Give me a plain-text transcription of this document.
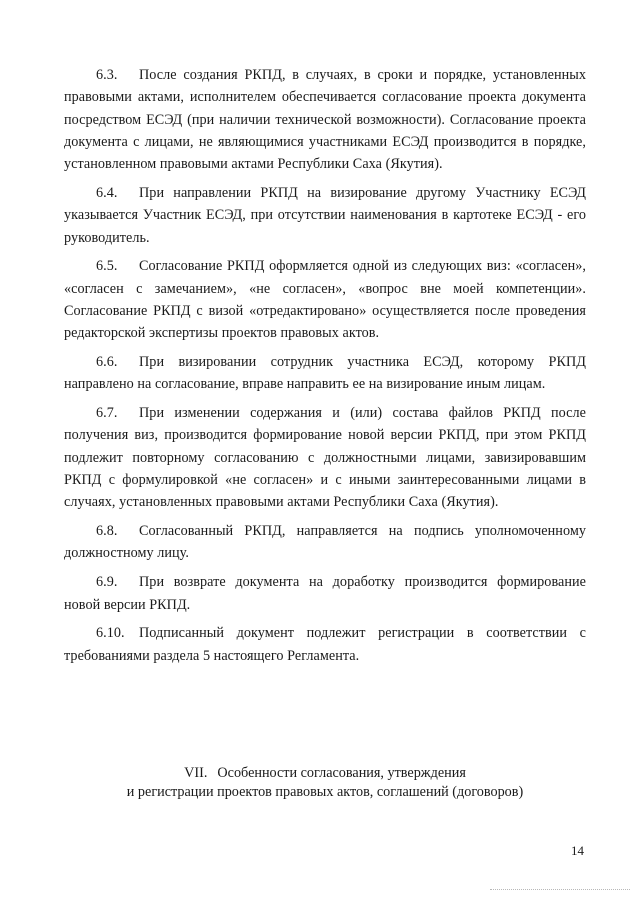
6.3. После создания РКПД, в случаях, в сроки и порядке, установленных правовыми актами, исполнителем обеспечивается согласование проекта документа посредством ЕСЭД (при наличии технической возможности). Согласование проекта документа с лицами, не являющимися участниками ЕСЭД производится в порядке, установленном правовыми актами Республики Саха (Якутия).

6.4. При направлении РКПД на визирование другому Участнику ЕСЭД указывается Участник ЕСЭД, при отсутствии наименования в картотеке ЕСЭД - его руководитель.

6.5. Согласование РКПД оформляется одной из следующих виз: «согласен», «согласен с замечанием», «не согласен», «вопрос вне моей компетенции». Согласование РКПД с визой «отредактировано» осуществляется после проведения редакторской экспертизы проектов правовых актов.

6.6. При визировании сотрудник участника ЕСЭД, которому РКПД направлено на согласование, вправе направить ее на визирование иным лицам.

6.7. При изменении содержания и (или) состава файлов РКПД после получения виз, производится формирование новой версии РКПД, при этом РКПД подлежит повторному согласованию с должностными лицами, завизировавшим РКПД с формулировкой «не согласен» и с иными заинтересованными лицами в случаях, установленных правовыми актами Республики Саха (Якутия).

6.8. Согласованный РКПД, направляется на подпись уполномоченному должностному лицу.

6.9. При возврате документа на доработку производится формирование новой версии РКПД.

6.10. Подписанный документ подлежит регистрации в соответствии с требованиями раздела 5 настоящего Регламента.

VII. Особенности согласования, утверждения
и регистрации проектов правовых актов, соглашений (договоров)
14
